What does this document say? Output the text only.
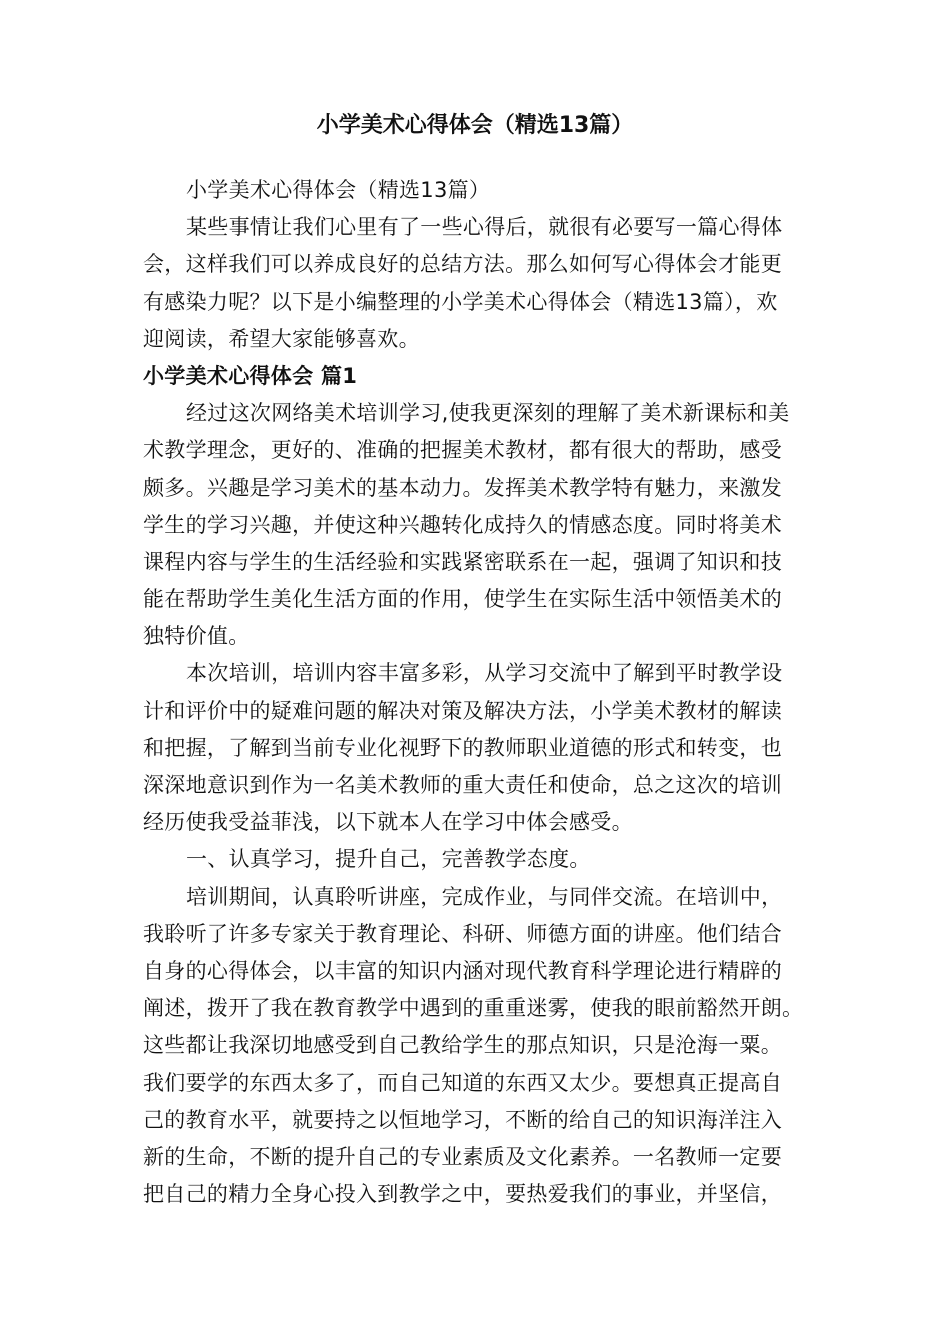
小学美术心得体会（精选13篇）
小学美术心得体会（精选13篇）
某些事情让我们心里有了一些心得后，就很有必要写一篇心得体
会，这样我们可以养成良好的总结方法。那么如何写心得体会才能更
有感染力呢？以下是小编整理的小学美术心得体会（精选13篇），欢
迎阅读，希望大家能够喜欢。
小学美术心得体会 篇1
经过这次网络美术培训学习,使我更深刻的理解了美术新课标和美
术教学理念，更好的、准确的把握美术教材，都有很大的帮助，感受
颇多。兴趣是学习美术的基本动力。发挥美术教学特有魅力，来激发
学生的学习兴趣，并使这种兴趣转化成持久的情感态度。同时将美术
课程内容与学生的生活经验和实践紧密联系在一起，强调了知识和技
能在帮助学生美化生活方面的作用，使学生在实际生活中领悟美术的
独特价值。
本次培训，培训内容丰富多彩，从学习交流中了解到平时教学设
计和评价中的疑难问题的解决对策及解决方法，小学美术教材的解读
和把握，了解到当前专业化视野下的教师职业道德的形式和转变，也
深深地意识到作为一名美术教师的重大责任和使命，总之这次的培训
经历使我受益菲浅，以下就本人在学习中体会感受。
一、认真学习，提升自己，完善教学态度。
培训期间，认真聆听讲座，完成作业，与同伴交流。在培训中，
我聆听了许多专家关于教育理论、科研、师德方面的讲座。他们结合
自身的心得体会，以丰富的知识内涵对现代教育科学理论进行精辟的
阐述，拨开了我在教育教学中遇到的重重迷雾，使我的眼前豁然开朗。
这些都让我深切地感受到自己教给学生的那点知识，只是沧海一粟。
我们要学的东西太多了，而自己知道的东西又太少。要想真正提高自
己的教育水平，就要持之以恒地学习，不断的给自己的知识海洋注入
新的生命，不断的提升自己的专业素质及文化素养。一名教师一定要
把自己的精力全身心投入到教学之中，要热爱我们的事业，并坚信，
